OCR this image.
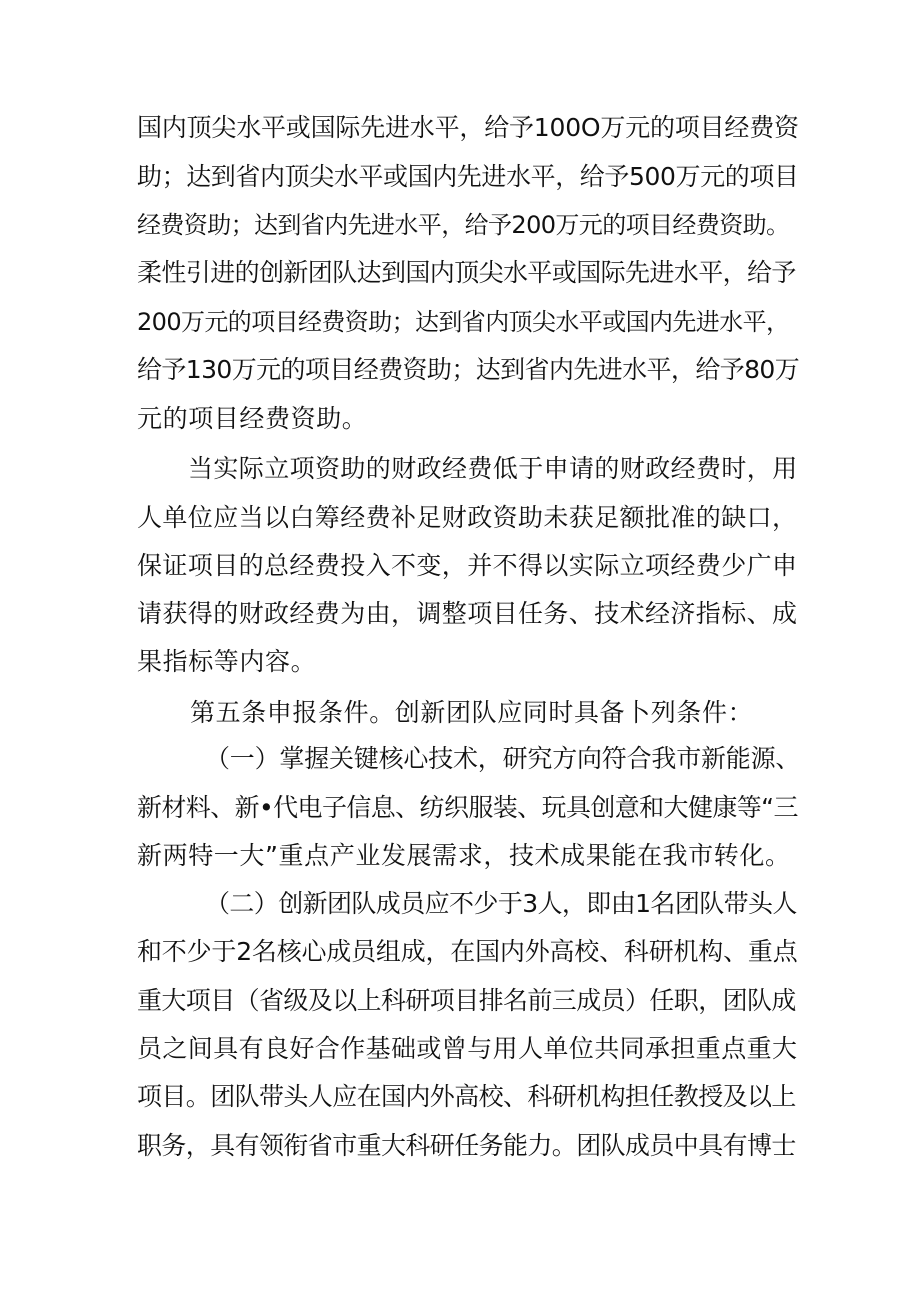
国内顶尖水平或国际先进水平，给予100O万元的项目经费资
助；达到省内顶尖水平或国内先进水平，给予500万元的项目
经费资助；达到省内先进水平，给予200万元的项目经费资助。
柔性引进的创新团队达到国内顶尖水平或国际先进水平，给予
200万元的项目经费资助；达到省内顶尖水平或国内先进水平，
给予130万元的项目经费资助；达到省内先进水平，给予80万
元的项目经费资助。
当实际立项资助的财政经费低于申请的财政经费时，用
人单位应当以白筹经费补足财政资助未获足额批准的缺口，
保证项目的总经费投入不变，并不得以实际立项经费少广申
请获得的财政经费为由，调整项目任务、技术经济指标、成
果指标等内容。
第五条申报条件。创新团队应同时具备卜列条件：
（一）掌握关键核心技术，研究方向符合我市新能源、
新材料、新•代电子信息、纺织服装、玩具创意和大健康等“三
新两特一大”重点产业发展需求，技术成果能在我市转化。
（二）创新团队成员应不少于3人，即由1名团队带头人
和不少于2名核心成员组成，在国内外高校、科研机构、重点
重大项目（省级及以上科研项目排名前三成员）任职，团队成
员之间具有良好合作基础或曾与用人单位共同承担重点重大
项目。团队带头人应在国内外高校、科研机构担任教授及以上
职务，具有领衔省市重大科研任务能力。团队成员中具有博士
